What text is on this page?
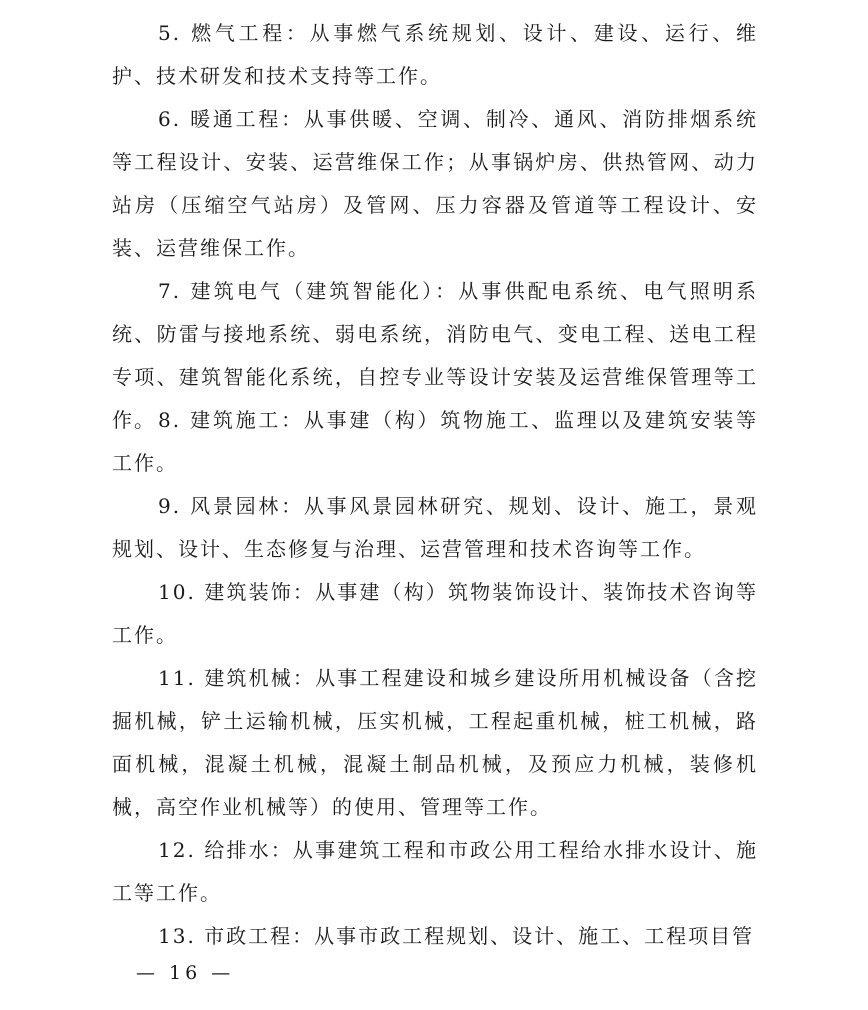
5. 燃气工程：从事燃气系统规划、设计、建设、运行、维护、技术研发和技术支持等工作。

6. 暖通工程：从事供暖、空调、制冷、通风、消防排烟系统等工程设计、安装、运营维保工作；从事锅炉房、供热管网、动力站房（压缩空气站房）及管网、压力容器及管道等工程设计、安装、运营维保工作。

7. 建筑电气（建筑智能化）：从事供配电系统、电气照明系统、防雷与接地系统、弱电系统，消防电气、变电工程、送电工程专项、建筑智能化系统，自控专业等设计安装及运营维保管理等工作。 8. 建筑施工：从事建（构）筑物施工、监理以及建筑安装等工作。

9. 风景园林：从事风景园林研究、规划、设计、施工，景观规划、设计、生态修复与治理、运营管理和技术咨询等工作。

10. 建筑装饰：从事建（构）筑物装饰设计、装饰技术咨询等工作。

11. 建筑机械：从事工程建设和城乡建设所用机械设备（含挖掘机械，铲土运输机械，压实机械，工程起重机械，桩工机械，路面机械，混凝土机械，混凝土制品机械，及预应力机械，装修机械，高空作业机械等）的使用、管理等工作。

12. 给排水：从事建筑工程和市政公用工程给水排水设计、施工等工作。

13. 市政工程：从事市政工程规划、设计、施工、工程项目管

— 16 —
